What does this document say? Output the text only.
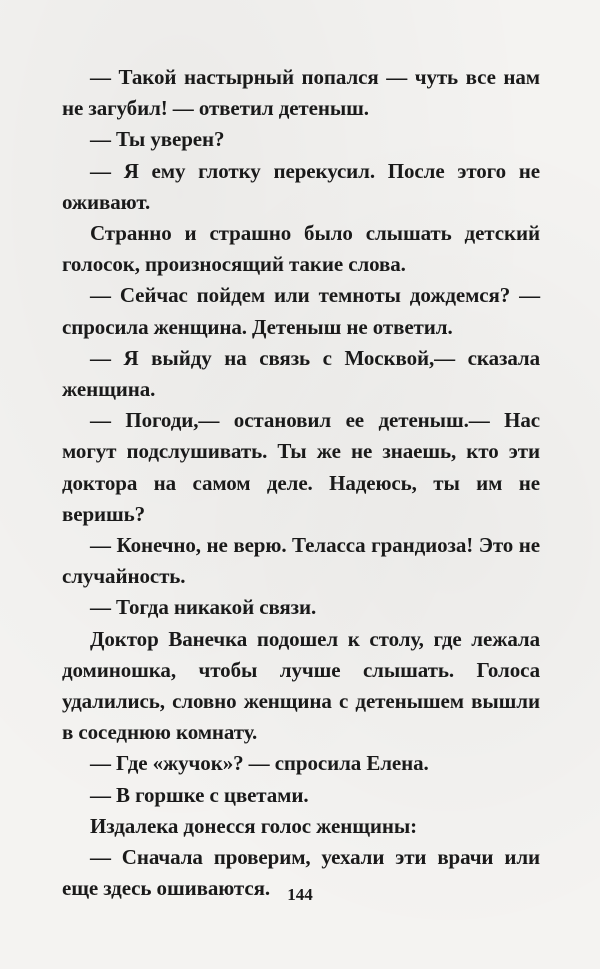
— Такой настырный попался — чуть все нам не загубил! — ответил детеныш.

— Ты уверен?

— Я ему глотку перекусил. После этого не оживают.

Странно и страшно было слышать детский голосок, произносящий такие слова.

— Сейчас пойдем или темноты дождемся? — спросила женщина. Детеныш не ответил.

— Я выйду на связь с Москвой,— сказала женщина.

— Погоди,— остановил ее детеныш.— Нас могут подслушивать. Ты же не знаешь, кто эти доктора на самом деле. Надеюсь, ты им не веришь?

— Конечно, не верю. Теласса грандиоза! Это не случайность.

— Тогда никакой связи.

Доктор Ванечка подошел к столу, где лежала доминошка, чтобы лучше слышать. Голоса удалились, словно женщина с детенышем вышли в соседнюю комнату.

— Где «жучок»? — спросила Елена.

— В горшке с цветами.

Издалека донесся голос женщины:

— Сначала проверим, уехали эти врачи или еще здесь ошиваются.	144
